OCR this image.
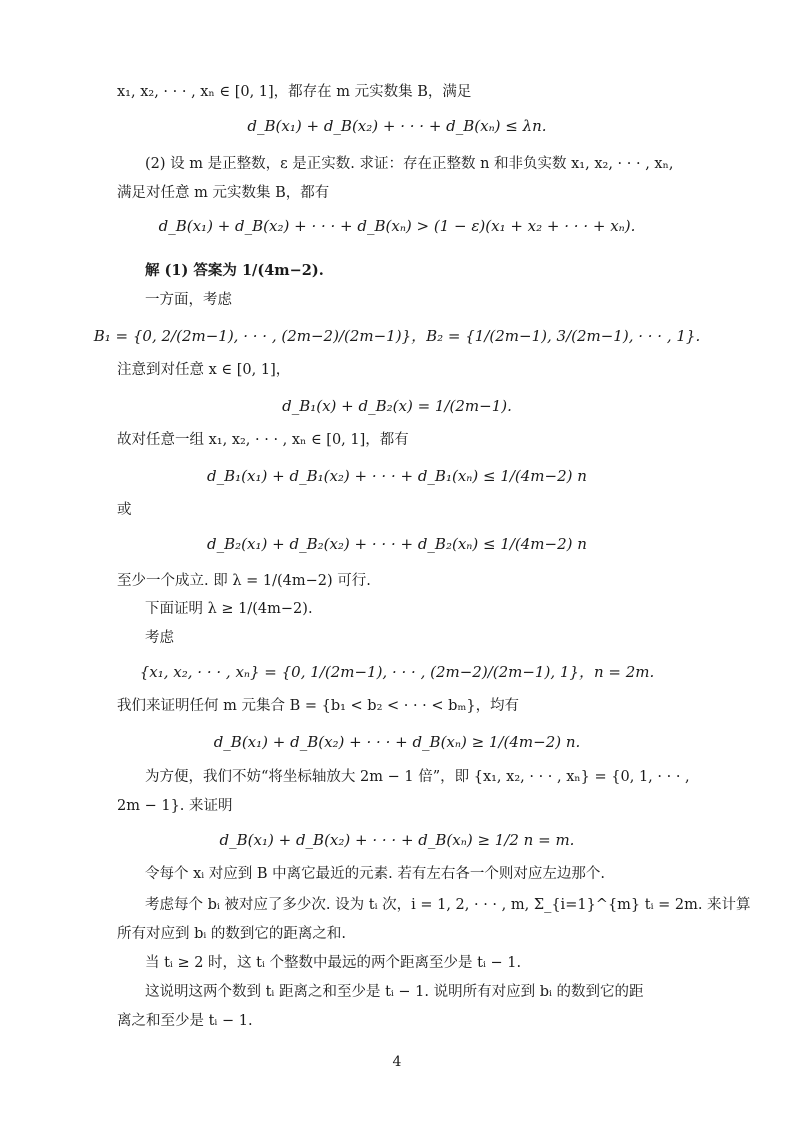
x₁, x₂, · · · , xₙ ∈ [0, 1]，都存在 m 元实数集 B，满足
d_B(x₁) + d_B(x₂) + · · · + d_B(xₙ) ≤ λn.
(2) 设 m 是正整数，ε 是正实数. 求证：存在正整数 n 和非负实数 x₁, x₂, · · · , xₙ,
满足对任意 m 元实数集 B，都有
d_B(x₁) + d_B(x₂) + · · · + d_B(xₙ) > (1 − ε)(x₁ + x₂ + · · · + xₙ).
解 (1) 答案为 1/(4m−2).
一方面，考虑
B₁ = {0, 2/(2m−1), · · · , (2m−2)/(2m−1)}，B₂ = {1/(2m−1), 3/(2m−1), · · · , 1}.
注意到对任意 x ∈ [0, 1]，
d_B₁(x) + d_B₂(x) = 1/(2m−1).
故对任意一组 x₁, x₂, · · · , xₙ ∈ [0, 1]，都有
d_B₁(x₁) + d_B₁(x₂) + · · · + d_B₁(xₙ) ≤ 1/(4m−2) n
或
d_B₂(x₁) + d_B₂(x₂) + · · · + d_B₂(xₙ) ≤ 1/(4m−2) n
至少一个成立. 即 λ = 1/(4m−2) 可行.
下面证明 λ ≥ 1/(4m−2).
考虑
{x₁, x₂, · · · , xₙ} = {0, 1/(2m−1), · · · , (2m−2)/(2m−1), 1}，n = 2m.
我们来证明任何 m 元集合 B = {b₁ < b₂ < · · · < bₘ}，均有
d_B(x₁) + d_B(x₂) + · · · + d_B(xₙ) ≥ 1/(4m−2) n.
为方便，我们不妨“将坐标轴放大 2m − 1 倍”，即 {x₁, x₂, · · · , xₙ} = {0, 1, · · · ,
2m − 1}. 来证明
d_B(x₁) + d_B(x₂) + · · · + d_B(xₙ) ≥ 1/2 n = m.
令每个 xᵢ 对应到 B 中离它最近的元素. 若有左右各一个则对应左边那个.
考虑每个 bᵢ 被对应了多少次. 设为 tᵢ 次，i = 1, 2, · · · , m, Σ_{i=1}^{m} tᵢ = 2m. 来计算
所有对应到 bᵢ 的数到它的距离之和.
当 tᵢ ≥ 2 时，这 tᵢ 个整数中最远的两个距离至少是 tᵢ − 1.
这说明这两个数到 tᵢ 距离之和至少是 tᵢ − 1. 说明所有对应到 bᵢ 的数到它的距
离之和至少是 tᵢ − 1.
4
